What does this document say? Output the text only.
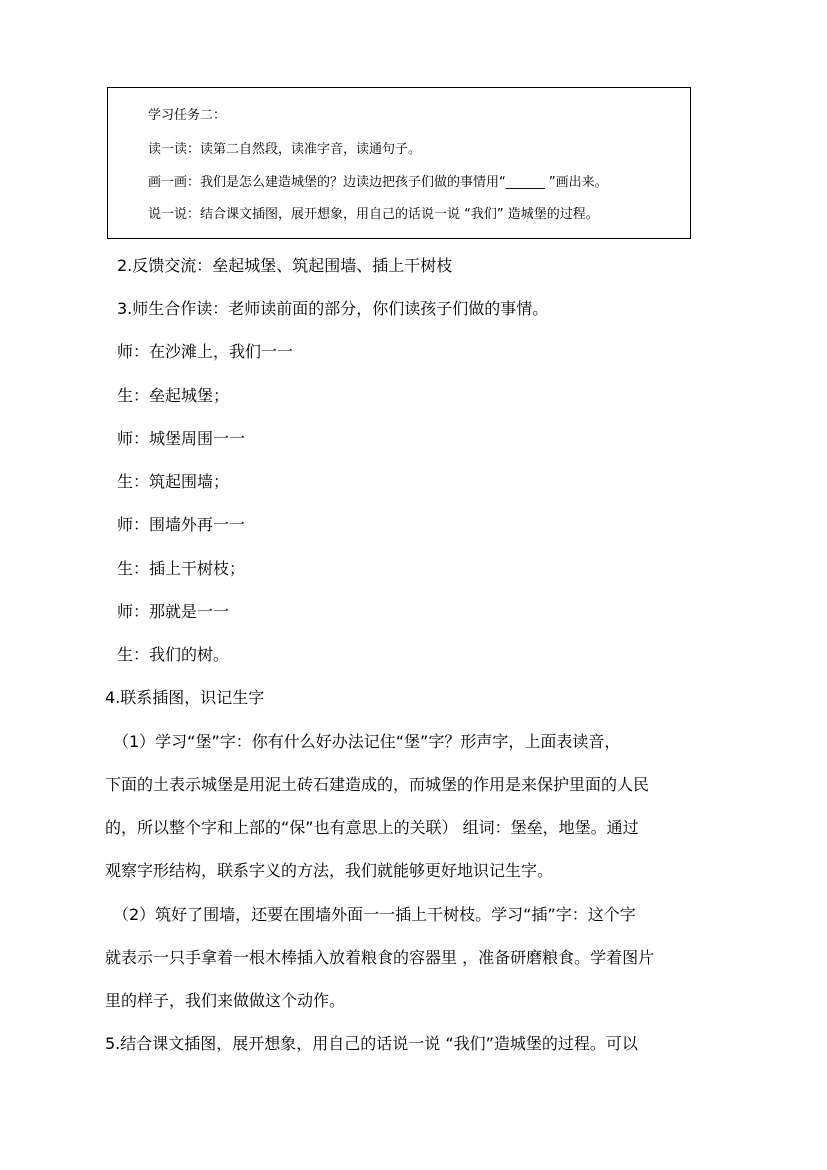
学习任务二：
读一读：读第二自然段，读准字音，读通句子。
画一画：我们是怎么建造城堡的？边读边把孩子们做的事情用“______ ”画出来。
说一说：结合课文插图，展开想象，用自己的话说一说 “我们” 造城堡的过程。
2.反馈交流：垒起城堡、筑起围墙、插上干树枝
3.师生合作读：老师读前面的部分，你们读孩子们做的事情。
师：在沙滩上，我们一一
生：垒起城堡；
师：城堡周围一一
生：筑起围墙；
师：围墙外再一一
生：插上干树枝；
师：那就是一一
生：我们的树。
4.联系插图，识记生字
（1）学习“堡”字：你有什么好办法记住“堡”字？形声字，上面表读音，
下面的土表示城堡是用泥土砖石建造成的，而城堡的作用是来保护里面的人民
的，所以整个字和上部的“保”也有意思上的关联） 组词：堡垒，地堡。通过
观察字形结构，联系字义的方法，我们就能够更好地识记生字。
（2）筑好了围墙，还要在围墙外面一一插上干树枝。学习“插”字：这个字
就表示一只手拿着一根木棒插入放着粮食的容器里 ，准备研磨粮食。学着图片
里的样子，我们来做做这个动作。
5.结合课文插图，展开想象，用自己的话说一说 “我们”造城堡的过程。可以
